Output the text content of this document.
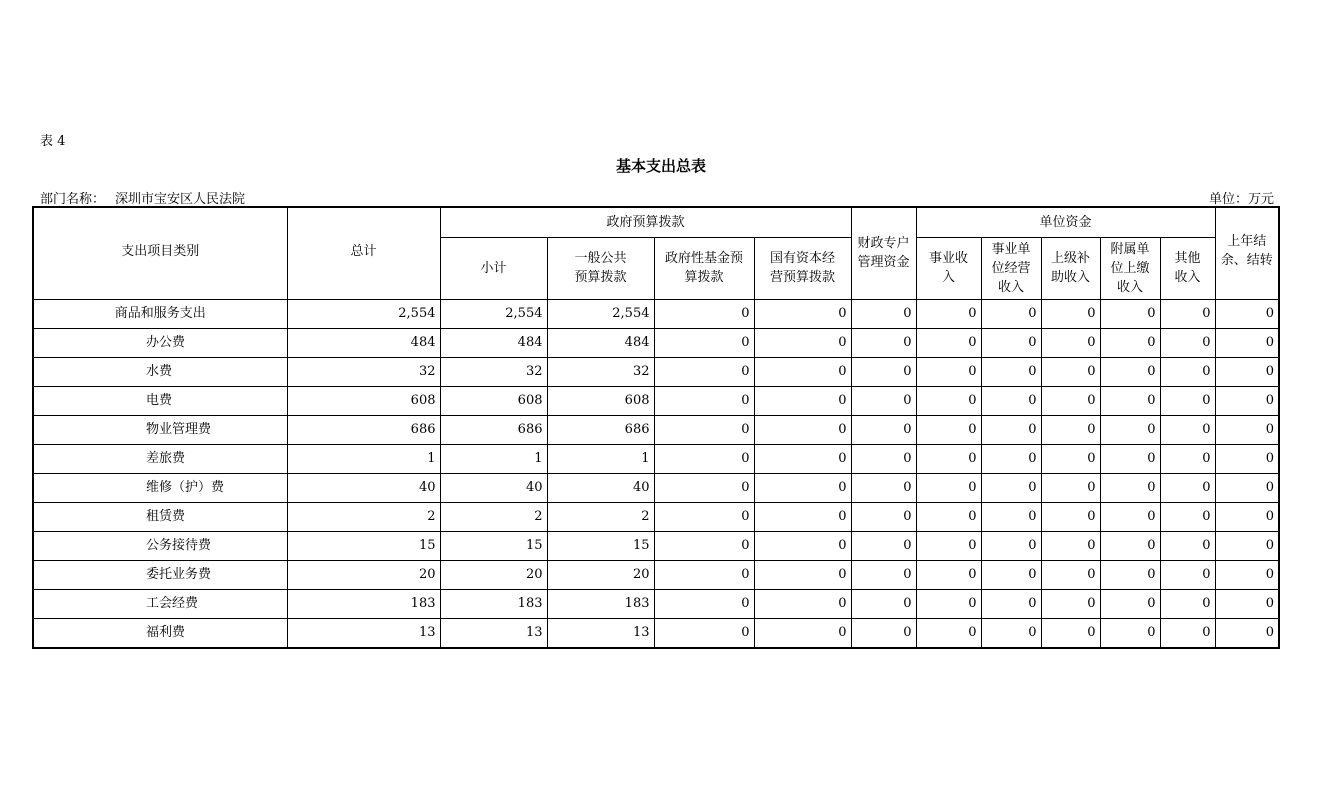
表 4
基本支出总表
部门名称： 深圳市宝安区人民法院	单位：万元
支出项目类别	总计	政府预算拨款				财政专户管理资金	单位资金					上年结余、结转
		小计	一般公共预算拨款	政府性基金预算拨款	国有资本经营预算拨款		事业收入	事业单位经营收入	上级补助收入	附属单位上缴收入	其他收入	
商品和服务支出	2,554	2,554	2,554	0	0	0	0	0	0	0	0	0
办公费	484	484	484	0	0	0	0	0	0	0	0	0
水费	32	32	32	0	0	0	0	0	0	0	0	0
电费	608	608	608	0	0	0	0	0	0	0	0	0
物业管理费	686	686	686	0	0	0	0	0	0	0	0	0
差旅费	1	1	1	0	0	0	0	0	0	0	0	0
维修（护）费	40	40	40	0	0	0	0	0	0	0	0	0
租赁费	2	2	2	0	0	0	0	0	0	0	0	0
公务接待费	15	15	15	0	0	0	0	0	0	0	0	0
委托业务费	20	20	20	0	0	0	0	0	0	0	0	0
工会经费	183	183	183	0	0	0	0	0	0	0	0	0
福利费	13	13	13	0	0	0	0	0	0	0	0	0
